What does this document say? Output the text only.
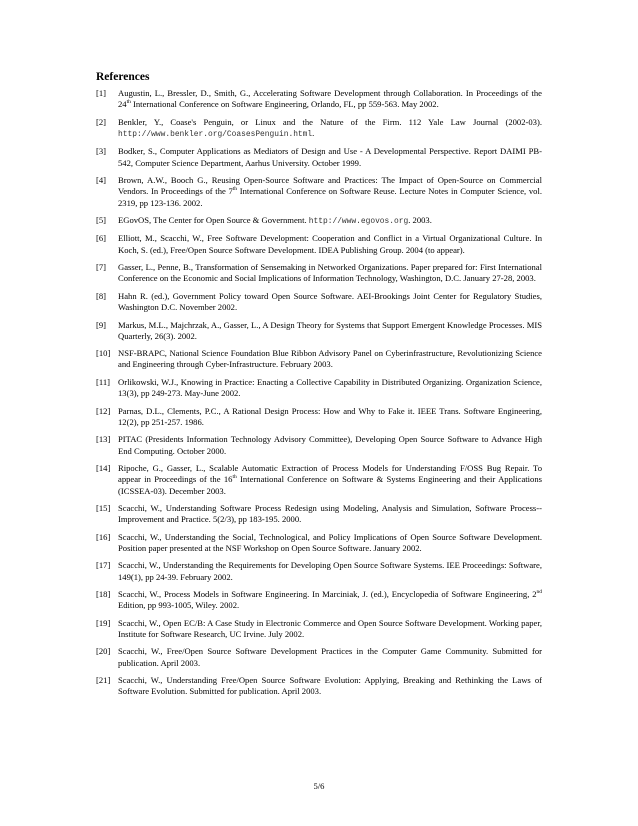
References
[1]	Augustin, L., Bressler, D., Smith, G., Accelerating Software Development through Collaboration. In Proceedings of the 24th International Conference on Software Engineering, Orlando, FL, pp 559-563. May 2002.
[2]	Benkler, Y., Coase's Penguin, or Linux and the Nature of the Firm. 112 Yale Law Journal (2002-03). http://www.benkler.org/CoasesPenguin.html.
[3]	Bodker, S., Computer Applications as Mediators of Design and Use - A Developmental Perspective. Report DAIMI PB-542, Computer Science Department, Aarhus University. October 1999.
[4]	Brown, A.W., Booch G., Reusing Open-Source Software and Practices: The Impact of Open-Source on Commercial Vendors. In Proceedings of the 7th International Conference on Software Reuse. Lecture Notes in Computer Science, vol. 2319, pp 123-136. 2002.
[5]	EGovOS, The Center for Open Source & Government. http://www.egovos.org. 2003.
[6]	Elliott, M., Scacchi, W., Free Software Development: Cooperation and Conflict in a Virtual Organizational Culture. In Koch, S. (ed.), Free/Open Source Software Development. IDEA Publishing Group. 2004 (to appear).
[7]	Gasser, L., Penne, B., Transformation of Sensemaking in Networked Organizations. Paper prepared for: First International Conference on the Economic and Social Implications of Information Technology, Washington, D.C. January 27-28, 2003.
[8]	Hahn R. (ed.), Government Policy toward Open Source Software. AEI-Brookings Joint Center for Regulatory Studies, Washington D.C. November 2002.
[9]	Markus, M.L., Majchrzak, A., Gasser, L., A Design Theory for Systems that Support Emergent Knowledge Processes. MIS Quarterly, 26(3). 2002.
[10] NSF-BRAPC, National Science Foundation Blue Ribbon Advisory Panel on Cyberinfrastructure, Revolutionizing Science and Engineering through Cyber-Infrastructure. February 2003.
[11] Orlikowski, W.J., Knowing in Practice: Enacting a Collective Capability in Distributed Organizing. Organization Science, 13(3), pp 249-273. May-June 2002.
[12] Parnas, D.L., Clements, P.C., A Rational Design Process: How and Why to Fake it. IEEE Trans. Software Engineering, 12(2), pp 251-257. 1986.
[13] PITAC (Presidents Information Technology Advisory Committee), Developing Open Source Software to Advance High End Computing. October 2000.
[14] Ripoche, G., Gasser, L., Scalable Automatic Extraction of Process Models for Understanding F/OSS Bug Repair. To appear in Proceedings of the 16th International Conference on Software & Systems Engineering and their Applications (ICSSEA-03). December 2003.
[15] Scacchi, W., Understanding Software Process Redesign using Modeling, Analysis and Simulation, Software Process--Improvement and Practice. 5(2/3), pp 183-195. 2000.
[16] Scacchi, W., Understanding the Social, Technological, and Policy Implications of Open Source Software Development. Position paper presented at the NSF Workshop on Open Source Software. January 2002.
[17] Scacchi, W., Understanding the Requirements for Developing Open Source Software Systems. IEE Proceedings: Software, 149(1), pp 24-39. February 2002.
[18] Scacchi, W., Process Models in Software Engineering. In Marciniak, J. (ed.), Encyclopedia of Software Engineering, 2nd Edition, pp 993-1005, Wiley. 2002.
[19] Scacchi, W., Open EC/B: A Case Study in Electronic Commerce and Open Source Software Development. Working paper, Institute for Software Research, UC Irvine. July 2002.
[20] Scacchi, W., Free/Open Source Software Development Practices in the Computer Game Community. Submitted for publication. April 2003.
[21] Scacchi, W., Understanding Free/Open Source Software Evolution: Applying, Breaking and Rethinking the Laws of Software Evolution. Submitted for publication. April 2003.
5/6
